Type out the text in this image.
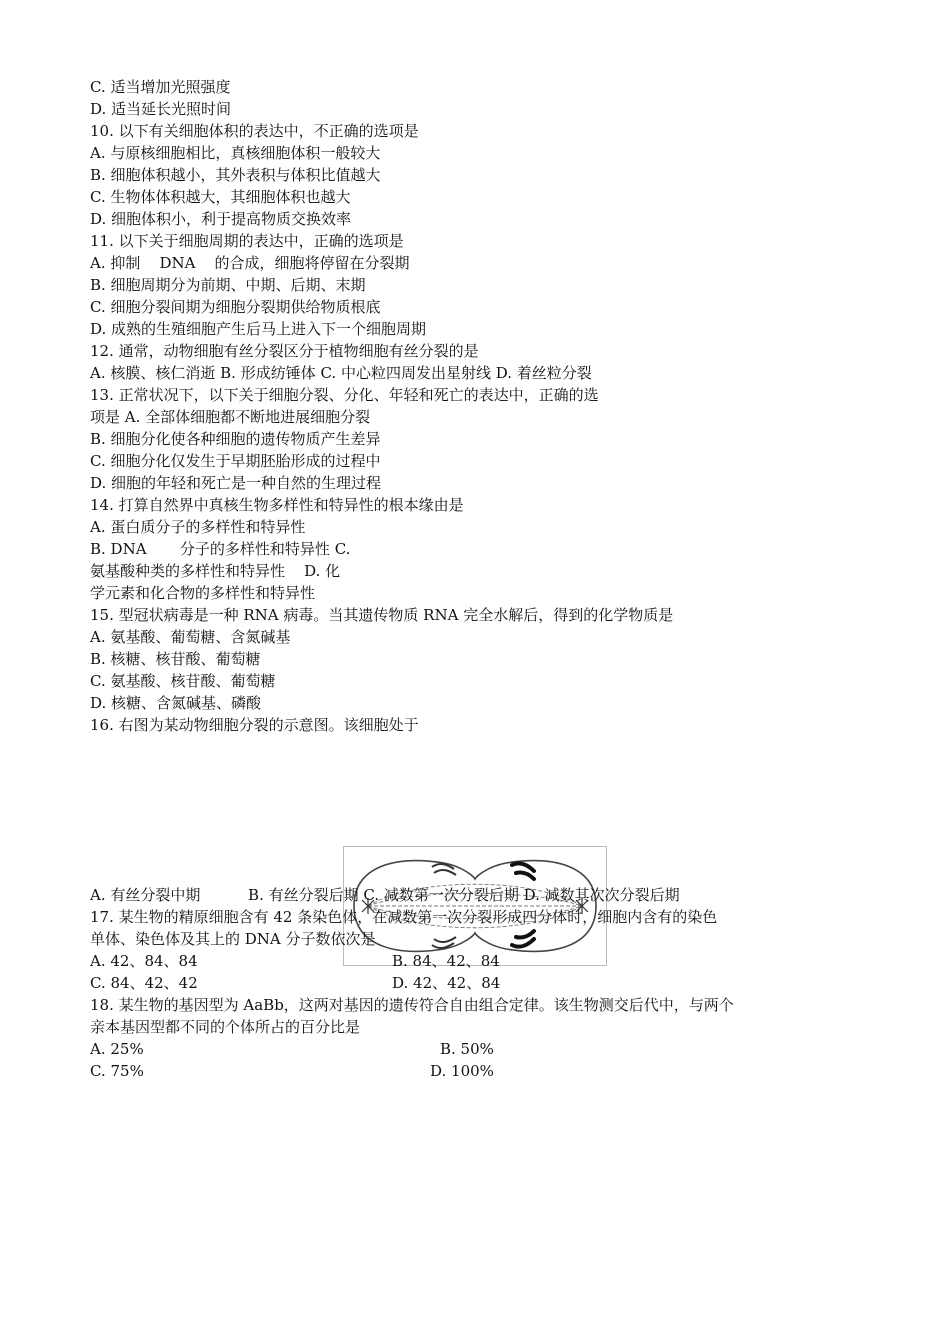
C. 适当增加光照强度
D. 适当延长光照时间
10. 以下有关细胞体积的表达中，不正确的选项是
A. 与原核细胞相比，真核细胞体积一般较大
B. 细胞体积越小，其外表积与体积比值越大
C. 生物体体积越大，其细胞体积也越大
D. 细胞体积小，利于提高物质交换效率
11. 以下关于细胞周期的表达中，正确的选项是
A. 抑制    DNA    的合成，细胞将停留在分裂期
B. 细胞周期分为前期、中期、后期、末期
C. 细胞分裂间期为细胞分裂期供给物质根底
D. 成熟的生殖细胞产生后马上进入下一个细胞周期
12. 通常，动物细胞有丝分裂区分于植物细胞有丝分裂的是
A. 核膜、核仁消逝 B. 形成纺锤体 C. 中心粒四周发出星射线 D. 着丝粒分裂
13. 正常状况下，以下关于细胞分裂、分化、年轻和死亡的表达中，正确的选
项是 A. 全部体细胞都不断地进展细胞分裂
B. 细胞分化使各种细胞的遗传物质产生差异
C. 细胞分化仅发生于早期胚胎形成的过程中
D. 细胞的年轻和死亡是一种自然的生理过程
14. 打算自然界中真核生物多样性和特异性的根本缘由是
A. 蛋白质分子的多样性和特异性
B. DNA       分子的多样性和特异性 C.
氨基酸种类的多样性和特异性    D. 化
学元素和化合物的多样性和特异性
15. 型冠状病毒是一种 RNA 病毒。当其遗传物质 RNA 完全水解后，得到的化学物质是
A. 氨基酸、葡萄糖、含氮碱基
B. 核糖、核苷酸、葡萄糖
C. 氨基酸、核苷酸、葡萄糖
D. 核糖、含氮碱基、磷酸
16. 右图为某动物细胞分裂的示意图。该细胞处于
A. 有丝分裂中期          B. 有丝分裂后期 C. 减数第一次分裂后期 D. 减数其次次分裂后期
17. 某生物的精原细胞含有 42 条染色体，在减数第一次分裂形成四分体时，细胞内含有的染色
单体、染色体及其上的 DNA 分子数依次是
A. 42、84、84	B. 84、42、84
C. 84、42、42	D. 42、42、84
18. 某生物的基因型为 AaBb，这两对基因的遗传符合自由组合定律。该生物测交后代中，与两个
亲本基因型都不同的个体所占的百分比是
A. 25%	B. 50%
C. 75%	D. 100%
